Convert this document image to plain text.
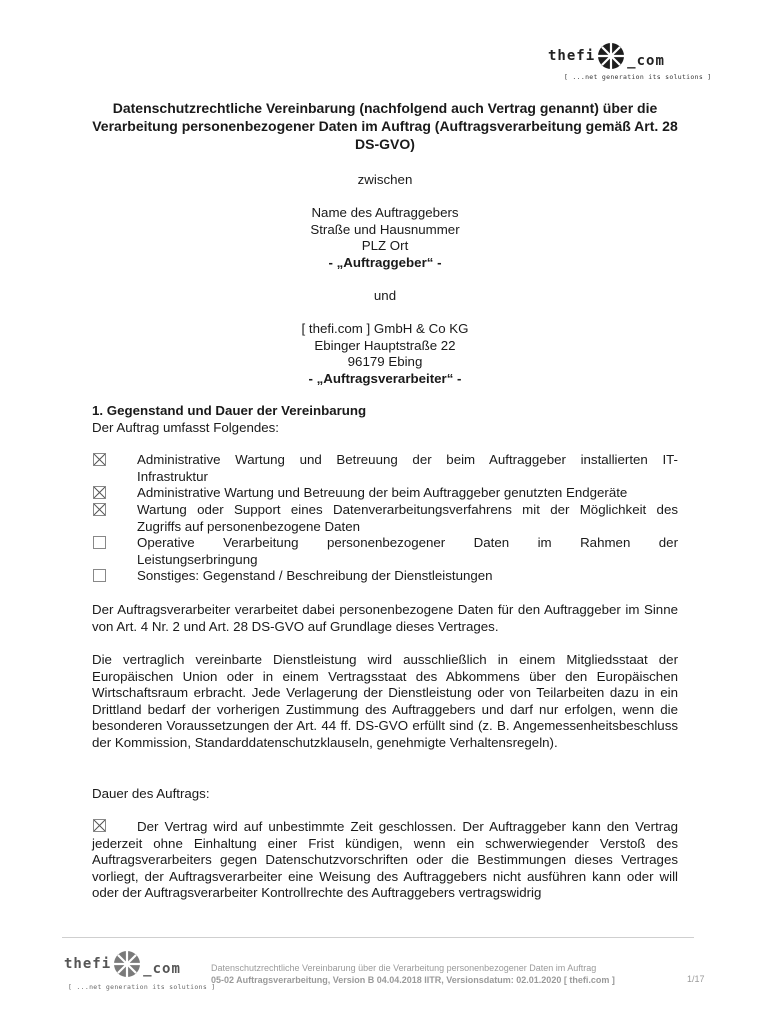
thefi _com
[ ...net generation its solutions ]
Datenschutzrechtliche Vereinbarung (nachfolgend auch Vertrag genannt) über die Verarbeitung personenbezogener Daten im Auftrag (Auftragsverarbeitung gemäß Art. 28 DS-GVO)
zwischen
Name des Auftraggebers
Straße und Hausnummer
PLZ Ort
- „Auftraggeber“ -
und
[ thefi.com ] GmbH & Co KG
Ebinger Hauptstraße 22
96179 Ebing
- „Auftragsverarbeiter“ -
1. Gegenstand und Dauer der Vereinbarung
Der Auftrag umfasst Folgendes:
Administrative Wartung und Betreuung der beim Auftraggeber installierten IT-
Infrastruktur
Administrative Wartung und Betreuung der beim Auftraggeber genutzten Endgeräte
Wartung oder Support eines Datenverarbeitungsverfahrens mit der Möglichkeit des
Zugriffs auf personenbezogene Daten
Operative Verarbeitung personenbezogener Daten im Rahmen der
Leistungserbringung
Sonstiges: Gegenstand / Beschreibung der Dienstleistungen
Der Auftragsverarbeiter verarbeitet dabei personenbezogene Daten für den Auftraggeber im Sinne von Art. 4 Nr. 2 und Art. 28 DS-GVO auf Grundlage dieses Vertrages.
Die vertraglich vereinbarte Dienstleistung wird ausschließlich in einem Mitgliedsstaat der Europäischen Union oder in einem Vertragsstaat des Abkommens über den Europäischen Wirtschaftsraum erbracht. Jede Verlagerung der Dienstleistung oder von Teilarbeiten dazu in ein Drittland bedarf der vorherigen Zustimmung des Auftraggebers und darf nur erfolgen, wenn die besonderen Voraussetzungen der Art. 44 ff. DS-GVO erfüllt sind (z. B. Angemessenheitsbeschluss der Kommission, Standarddatenschutzklauseln, genehmigte Verhaltensregeln).
Dauer des Auftrags:
Der Vertrag wird auf unbestimmte Zeit geschlossen. Der Auftraggeber kann den Vertrag jederzeit ohne Einhaltung einer Frist kündigen, wenn ein schwerwiegender Verstoß des Auftragsverarbeiters gegen Datenschutzvorschriften oder die Bestimmungen dieses Vertrages vorliegt, der Auftragsverarbeiter eine Weisung des Auftraggebers nicht ausführen kann oder will oder der Auftragsverarbeiter Kontrollrechte des Auftraggebers vertragswidrig
thefi _com
[ ...net generation its solutions ]
Datenschutzrechtliche Vereinbarung über die Verarbeitung personenbezogener Daten im Auftrag
05-02 Auftragsverarbeitung, Version B 04.04.2018 IITR, Versionsdatum: 02.01.2020 [ thefi.com ]	1/17
